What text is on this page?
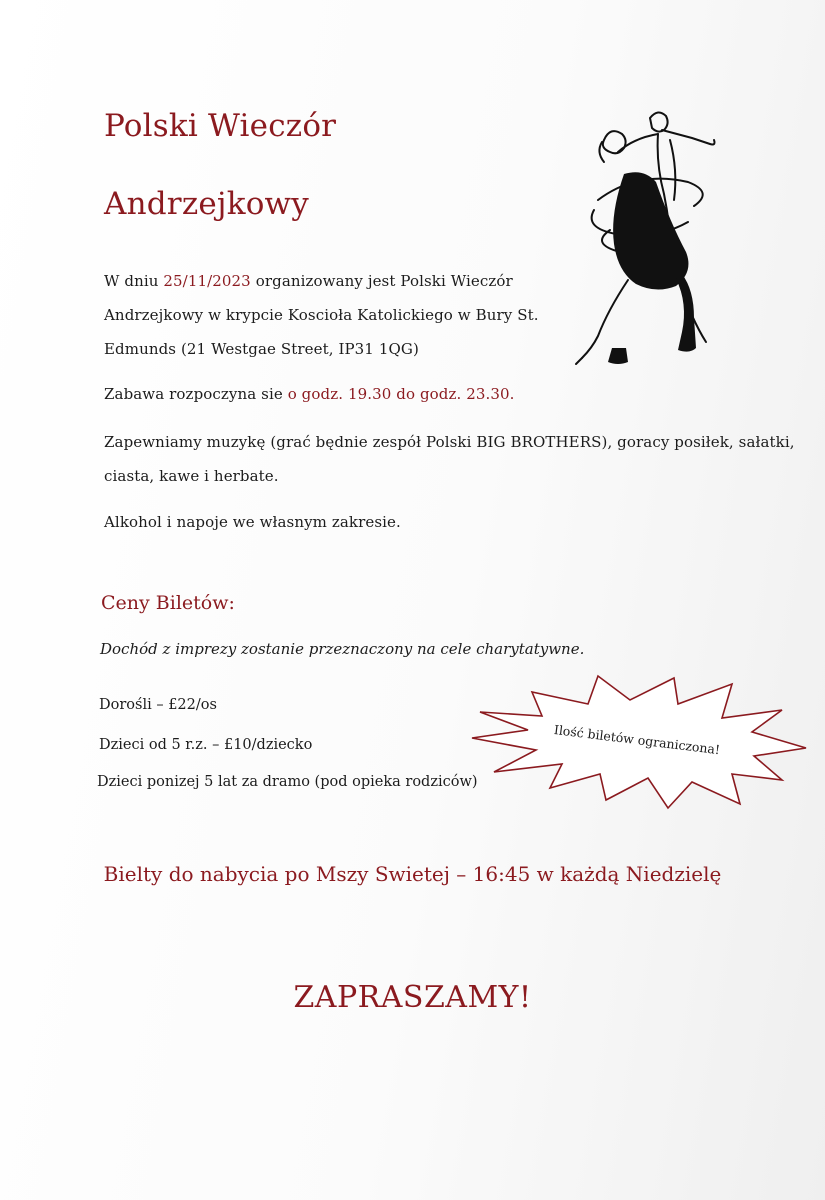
Polski Wieczór
Andrzejkowy
W dniu 25/11/2023 organizowany jest Polski Wieczór
Andrzejkowy w krypcie Koscioła Katolickiego w Bury St.
Edmunds (21 Westgae Street, IP31 1QG)
Zabawa rozpoczyna sie o godz. 19.30 do godz. 23.30.
Zapewniamy muzykę (grać będnie zespół Polski BIG BROTHERS), goracy posiłek, sałatki,
ciasta, kawe i herbate.
Alkohol i napoje we własnym zakresie.
Ceny Biletów:
Dochód z imprezy zostanie przeznaczony na cele charytatywne.
Dorośli – £22/os
Dzieci od 5 r.z. – £10/dziecko
Dzieci ponizej 5 lat za dramo (pod opieka rodziców)
Ilość biletów ograniczona!
Bielty do nabycia po Mszy Swietej – 16:45 w każdą Niedzielę
ZAPRASZAMY!
